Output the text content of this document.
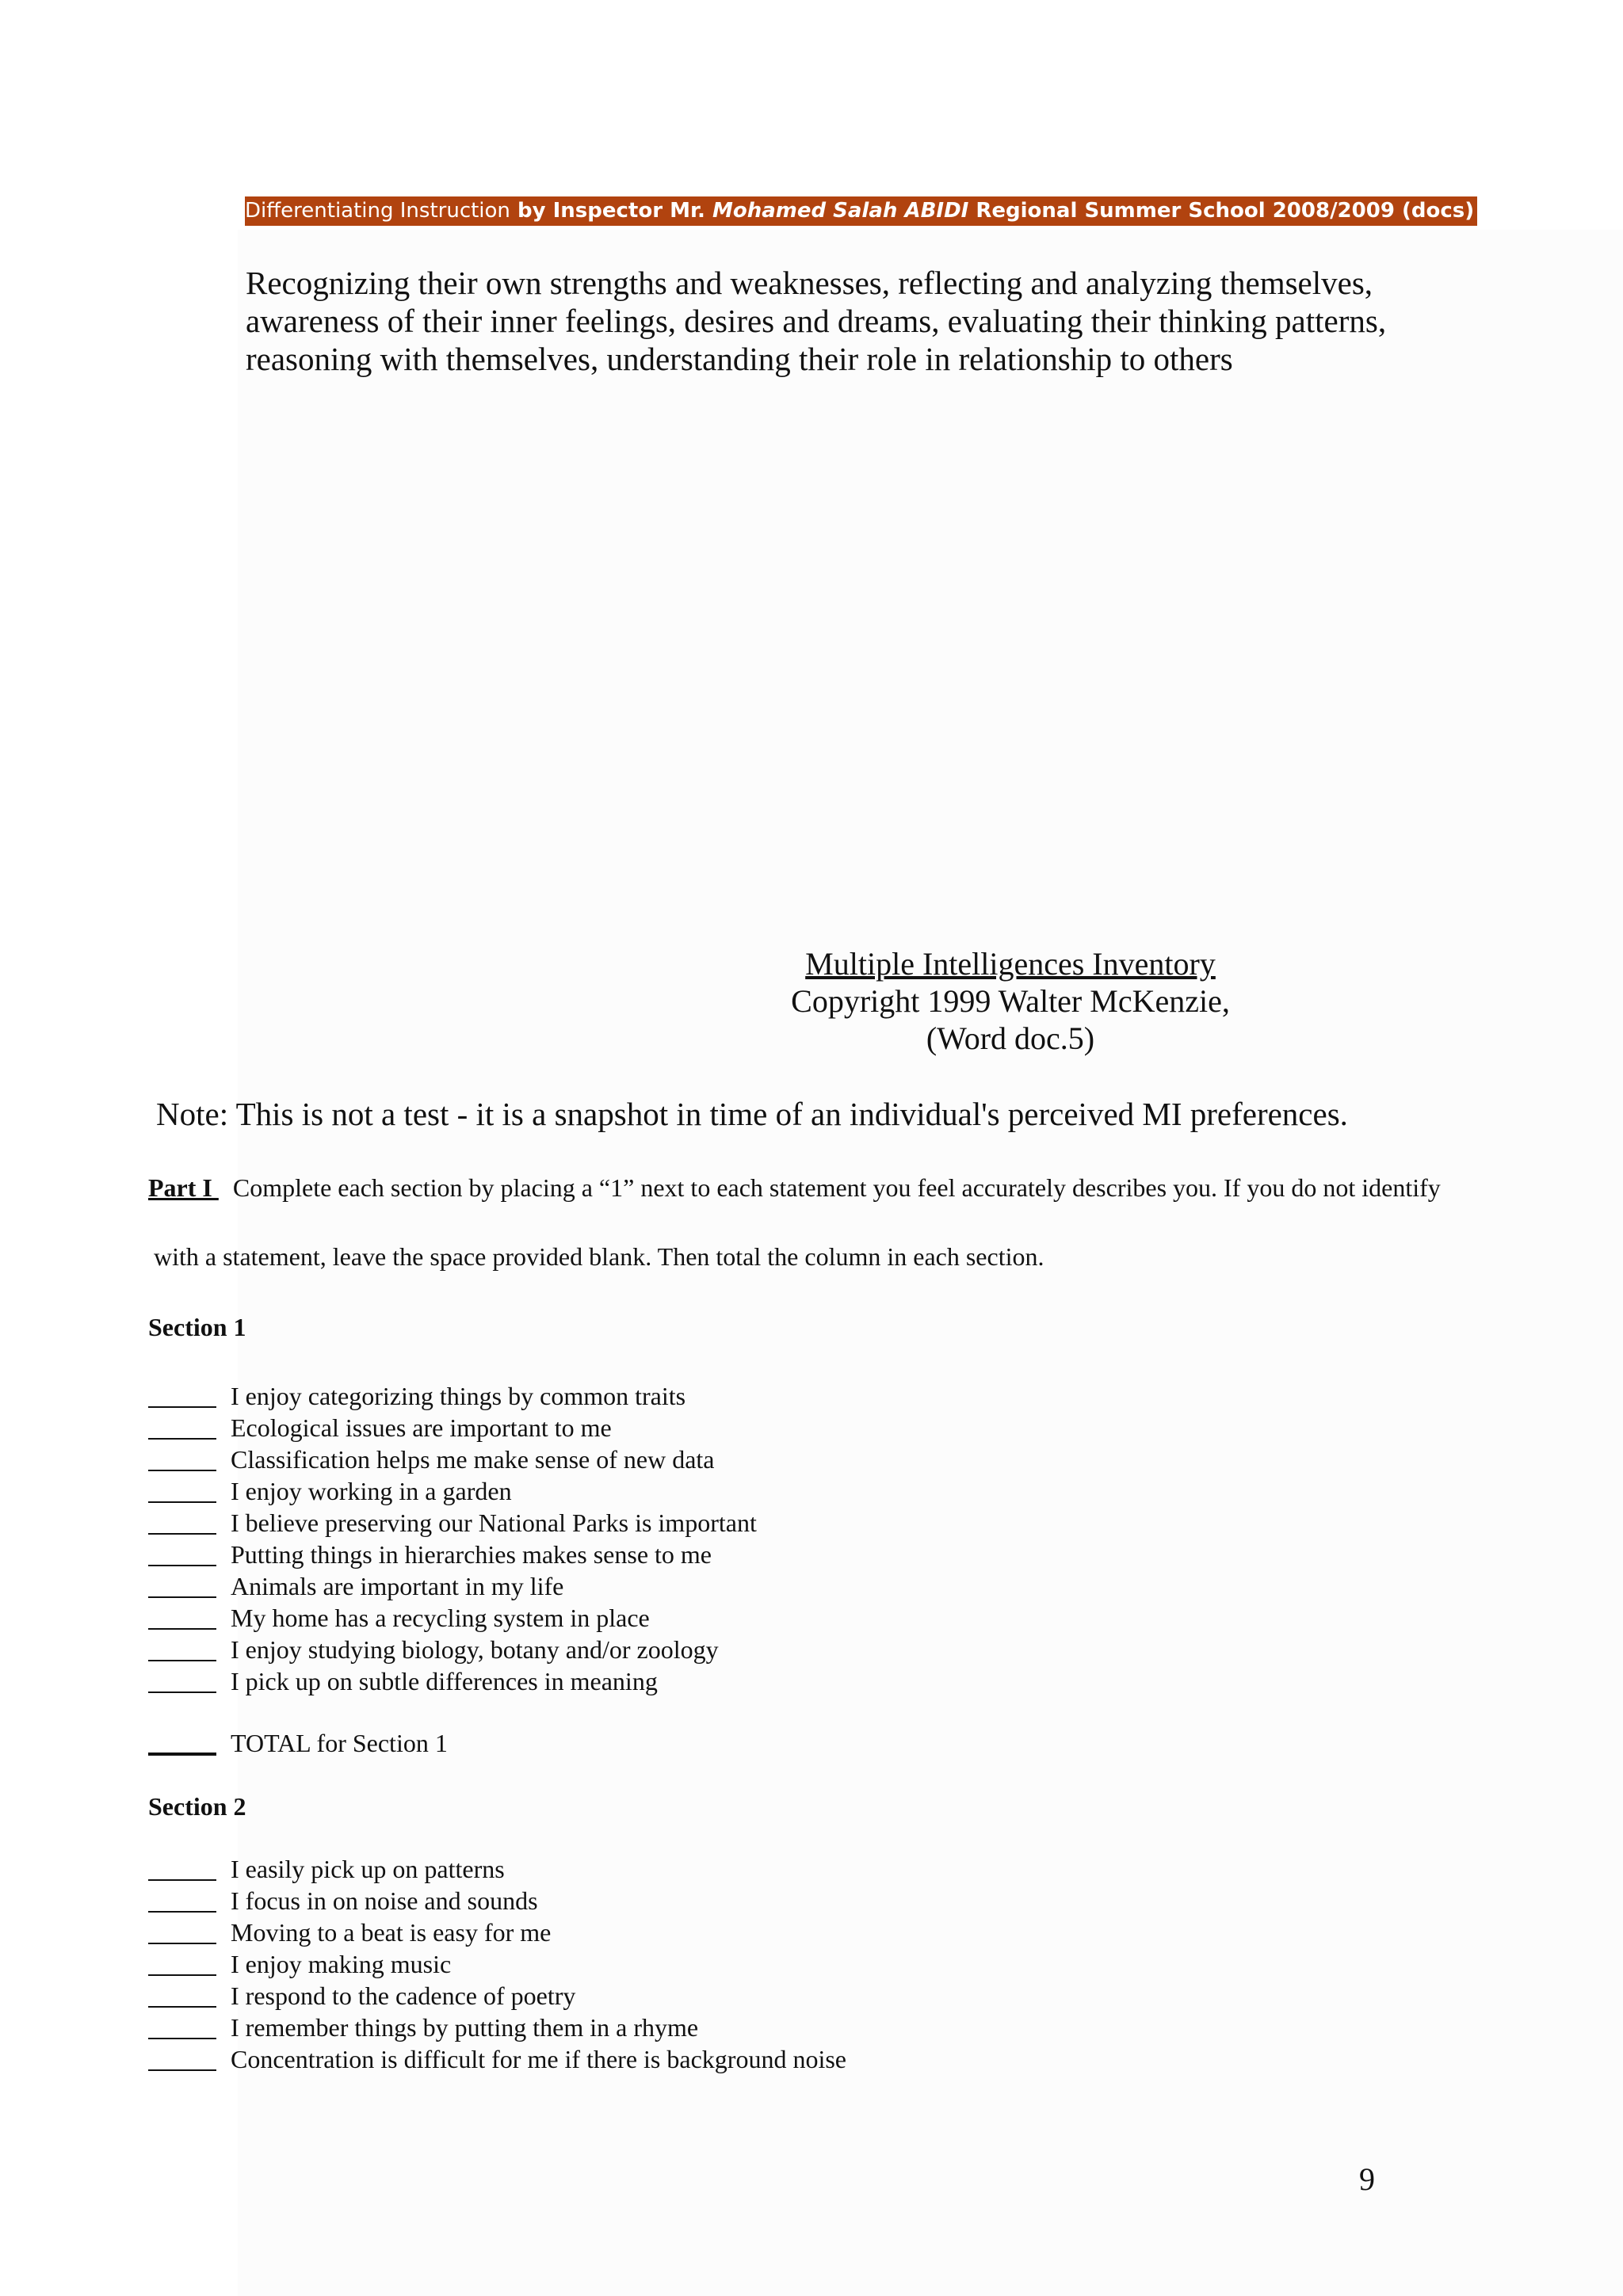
Differentiating Instruction by Inspector Mr. Mohamed Salah ABIDI Regional Summer School 2008/2009 (docs)

Recognizing their own strengths and weaknesses, reflecting and analyzing themselves, awareness of their inner feelings, desires and dreams, evaluating their thinking patterns, reasoning with themselves, understanding their role in relationship to others

Multiple Intelligences Inventory
Copyright 1999 Walter McKenzie,
(Word doc.5)
Note: This is not a test - it is a snapshot in time of an individual's perceived MI preferences.
Part I Complete each section by placing a “1” next to each statement you feel accurately describes you. If you do not identify
with a statement, leave the space provided blank. Then total the column in each section.
Section 1
I enjoy categorizing things by common traits
Ecological issues are important to me
Classification helps me make sense of new data
I enjoy working in a garden
I believe preserving our National Parks is important
Putting things in hierarchies makes sense to me
Animals are important in my life
My home has a recycling system in place
I enjoy studying biology, botany and/or zoology
I pick up on subtle differences in meaning
TOTAL for Section 1
Section 2
I easily pick up on patterns
I focus in on noise and sounds
Moving to a beat is easy for me
I enjoy making music
I respond to the cadence of poetry
I remember things by putting them in a rhyme
Concentration is difficult for me if there is background noise
9
